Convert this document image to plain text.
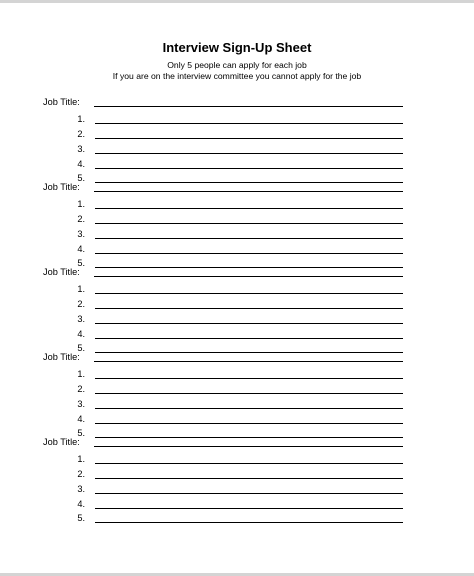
Interview Sign-Up Sheet
Only 5 people can apply for each job
If you are on the interview committee you cannot apply for the job
Job Title:
1.
2.
3.
4.
5.
Job Title:
1.
2.
3.
4.
5.
Job Title:
1.
2.
3.
4.
5.
Job Title:
1.
2.
3.
4.
5.
Job Title:
1.
2.
3.
4.
5.
